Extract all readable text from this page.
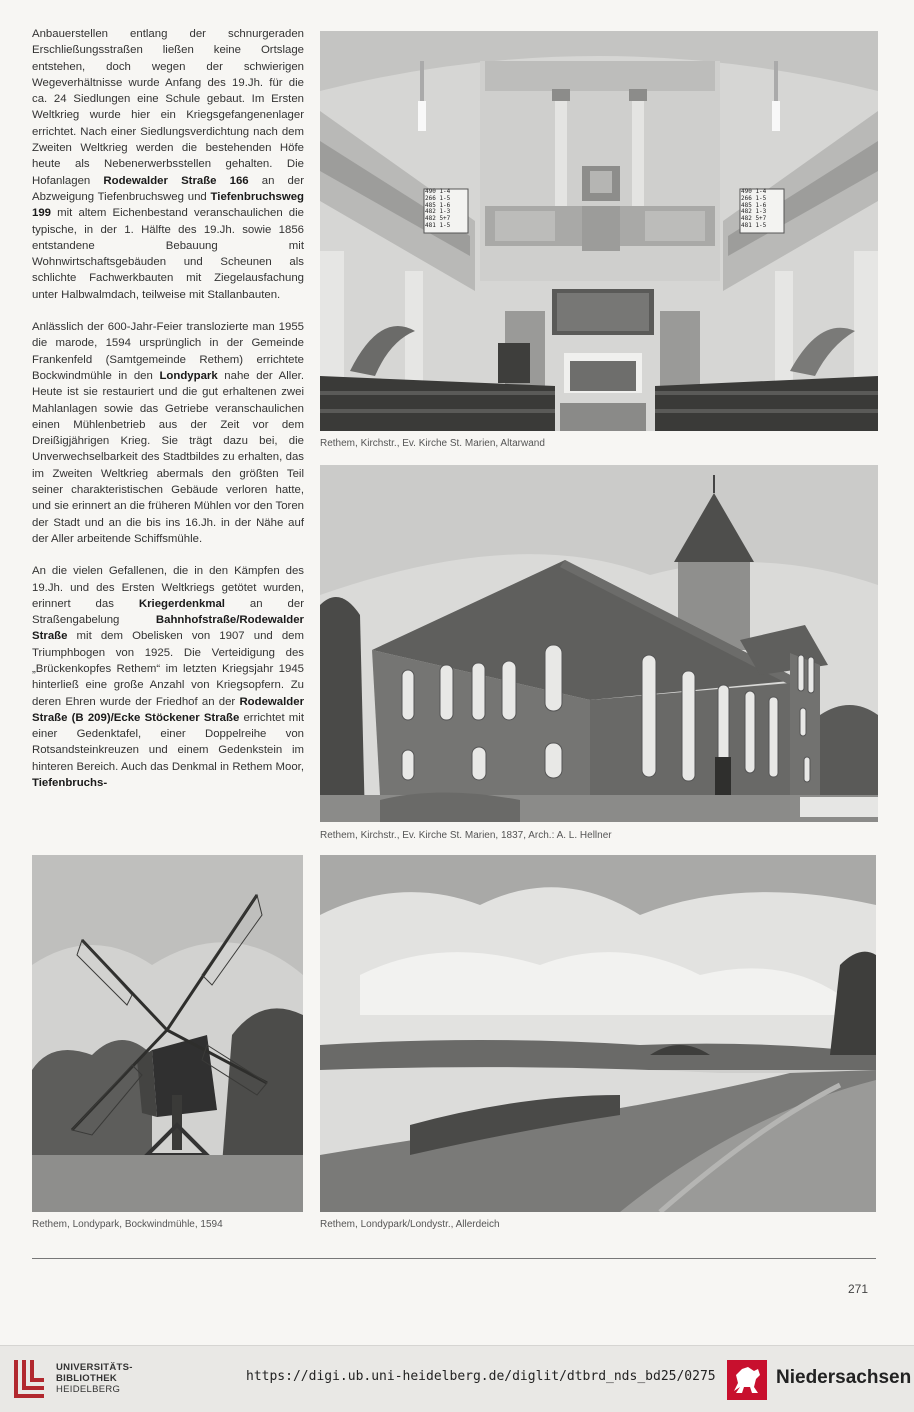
Anbauerstellen entlang der schnurgeraden Erschließungsstraßen ließen keine Ortslage entstehen, doch wegen der schwierigen Wegeverhältnisse wurde Anfang des 19.Jh. für die ca. 24 Siedlungen eine Schule gebaut. Im Ersten Weltkrieg wurde hier ein Kriegsgefangenenlager errichtet. Nach einer Siedlungsverdichtung nach dem Zweiten Weltkrieg werden die bestehenden Höfe heute als Nebenerwerbsstellen gehalten. Die Hofanlagen Rodewalder Straße 166 an der Abzweigung Tiefenbruchsweg und Tiefenbruchsweg 199 mit altem Eichenbestand veranschaulichen die typische, in der 1. Hälfte des 19.Jh. sowie 1856 entstandene Bebauung mit Wohnwirtschaftsgebäuden und Scheunen als schlichte Fachwerkbauten mit Ziegelausfachung unter Halbwalmdach, teilweise mit Stallanbauten.

Anlässlich der 600-Jahr-Feier translozierte man 1955 die marode, 1594 ursprünglich in der Gemeinde Frankenfeld (Samtgemeinde Rethem) errichtete Bockwindmühle in den Londypark nahe der Aller. Heute ist sie restauriert und die gut erhaltenen zwei Mahlanlagen sowie das Getriebe veranschaulichen einen Mühlenbetrieb aus der Zeit vor dem Dreißigjährigen Krieg. Sie trägt dazu bei, die Unverwechselbarkeit des Stadtbildes zu erhalten, das im Zweiten Weltkrieg abermals den größten Teil seiner charakteristischen Gebäude verloren hatte, und sie erinnert an die früheren Mühlen vor den Toren der Stadt und an die bis ins 16.Jh. in der Nähe auf der Aller arbeitende Schiffsmühle.

An die vielen Gefallenen, die in den Kämpfen des 19.Jh. und des Ersten Weltkriegs getötet wurden, erinnert das Kriegerdenkmal an der Straßengabelung Bahnhofstraße/Rodewalder Straße mit dem Obelisken von 1907 und dem Triumphbogen von 1925. Die Verteidigung des „Brückenkopfes Rethem“ im letzten Kriegsjahr 1945 hinterließ eine große Anzahl von Kriegsopfern. Zu deren Ehren wurde der Friedhof an der Rodewalder Straße (B 209)/Ecke Stöckener Straße errichtet mit einer Gedenktafel, einer Doppelreihe von Rotsandsteinkreuzen und einem Gedenkstein im hinteren Bereich. Auch das Denkmal in Rethem Moor, Tiefenbruchs-

490 1-4
266 1-5
485 1-6
482 1-3
482 5+7
481 1-5
490 1-4
266 1-5
485 1-6
482 1-3
482 5+7
481 1-5
Rethem, Kirchstr., Ev. Kirche St. Marien, Altarwand
Rethem, Kirchstr., Ev. Kirche St. Marien, 1837, Arch.: A. L. Hellner
Rethem, Londypark, Bockwindmühle, 1594	Rethem, Londypark/Londystr., Allerdeich
271
UNIVERSITÄTS-
BIBLIOTHEK
HEIDELBERG
https://digi.ub.uni-heidelberg.de/diglit/dtbrd_nds_bd25/0275	Niedersachsen
